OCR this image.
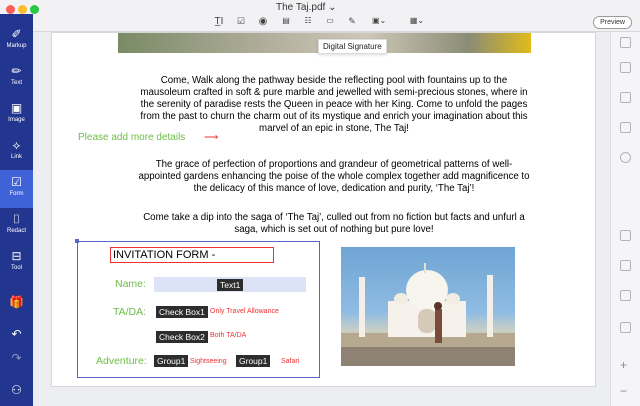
The Taj.pdf ⌄
T̲I	☑ ◉	▤	☷	▭	✎	▣⌄	▦⌄	Preview
✐
Markup
✏
Text
▣
Image
⟡
Link
☑
Form
⌷
Redact
⊟
Tool
🎁
↶
↷
⚇
Digital Signature
Come, Walk along the pathway beside the reflecting pool with fountains up to the
mausoleum crafted in soft & pure marble and jewelled with semi-precious stones, where in
the serenity of paradise rests the Queen in peace with her King. Come to unfold the pages
from the past to churn the charm out of its mystique and enrich your imagination about this
marvel of an epic in stone, The Taj!
Please add more details ⟶
The grace of perfection of proportions and grandeur of geometrical patterns of well-
appointed gardens enhancing the poise of the whole complex together add magnificence to
the delicacy of this mance of love, dedication and purity, ‘The Taj’!
Come take a dip into the saga of ‘The Taj’, culled out from no fiction but facts and unfurl a
saga, which is set out of nothing but pure love!
INVITATION FORM -
Name:	Text1
TA/DA:	Check Box1 Only Travel Allowance
Check Box2 Both TA/DA
Adventure:	Group1 Sightseeing	Group1	Safari	+
−
